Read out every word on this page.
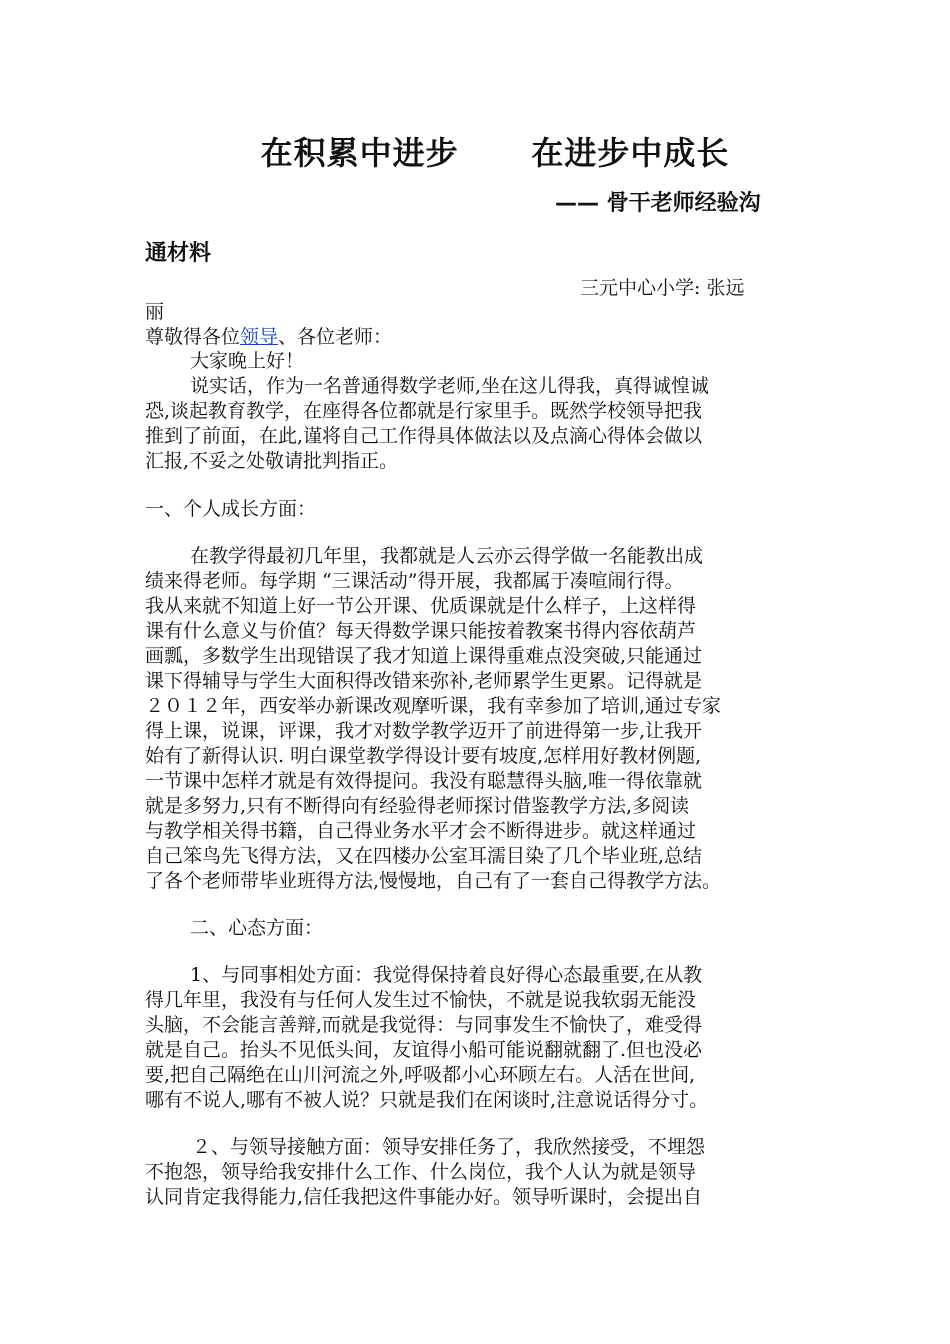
在积累中进步      在进步中成长
—— 骨干老师经验沟
通材料
三元中心小学: 张远
丽
尊敬得各位领导、各位老师：
大家晚上好！
说实话，作为一名普通得数学老师,坐在这儿得我，真得诚惶诚
恐,谈起教育教学，在座得各位都就是行家里手。既然学校领导把我
推到了前面，在此,谨将自己工作得具体做法以及点滴心得体会做以
汇报,不妥之处敬请批判指正。
一、个人成长方面：
在教学得最初几年里，我都就是人云亦云得学做一名能教出成
绩来得老师。每学期 “三课活动”得开展，我都属于凑喧闹行得。
我从来就不知道上好一节公开课、优质课就是什么样子，上这样得
课有什么意义与价值？每天得数学课只能按着教案书得内容依葫芦
画瓢，多数学生出现错误了我才知道上课得重难点没突破,只能通过
课下得辅导与学生大面积得改错来弥补,老师累学生更累。记得就是
２０１２年，西安举办新课改观摩听课，我有幸参加了培训,通过专家
得上课，说课，评课，我才对数学教学迈开了前进得第一步,让我开
始有了新得认识. 明白课堂教学得设计要有坡度,怎样用好教材例题,
一节课中怎样才就是有效得提问。我没有聪慧得头脑,唯一得依靠就
就是多努力,只有不断得向有经验得老师探讨借鉴教学方法,多阅读
与教学相关得书籍，自己得业务水平才会不断得进步。就这样通过
自己笨鸟先飞得方法，又在四楼办公室耳濡目染了几个毕业班,总结
了各个老师带毕业班得方法,慢慢地，自己有了一套自己得教学方法。
二、心态方面：
1、与同事相处方面：我觉得保持着良好得心态最重要,在从教
得几年里，我没有与任何人发生过不愉快，不就是说我软弱无能没
头脑，不会能言善辩,而就是我觉得：与同事发生不愉快了，难受得
就是自己。抬头不见低头间，友谊得小船可能说翻就翻了.但也没必
要,把自己隔绝在山川河流之外,呼吸都小心环顾左右。人活在世间,
哪有不说人,哪有不被人说？只就是我们在闲谈时,注意说话得分寸。
２、与领导接触方面：领导安排任务了，我欣然接受，不埋怨
不抱怨，领导给我安排什么工作、什么岗位，我个人认为就是领导
认同肯定我得能力,信任我把这件事能办好。领导听课时，会提出自
